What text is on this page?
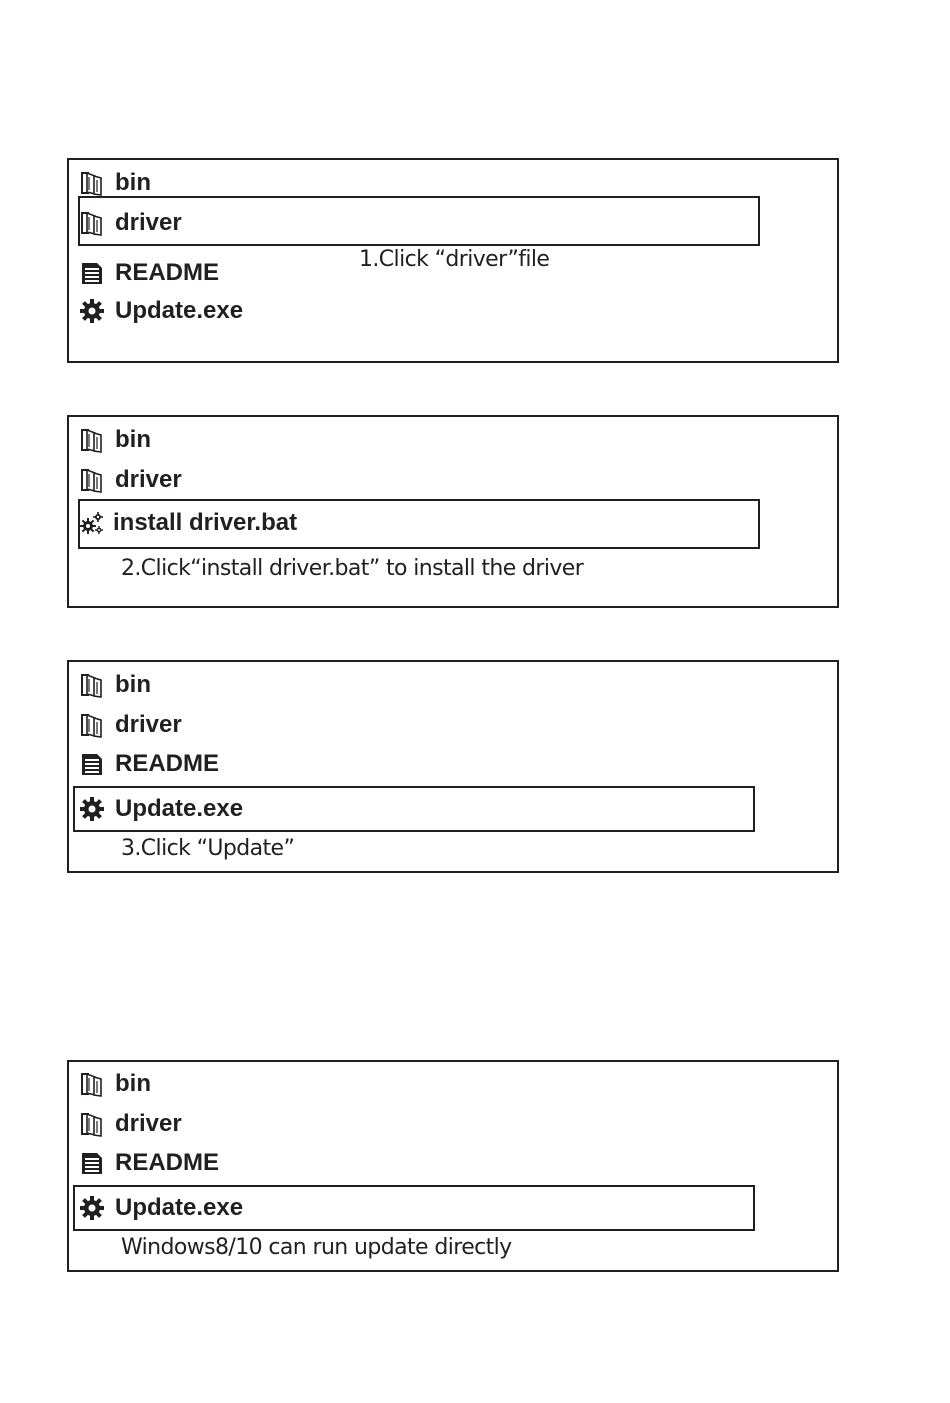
bin
driver
README
Update.exe
1.Click “driver”file
bin
driver
install driver.bat
2.Click“install driver.bat” to install the driver
bin
driver
README
Update.exe
3.Click “Update”
bin
driver
README
Update.exe
Windows8/10 can run update directly
